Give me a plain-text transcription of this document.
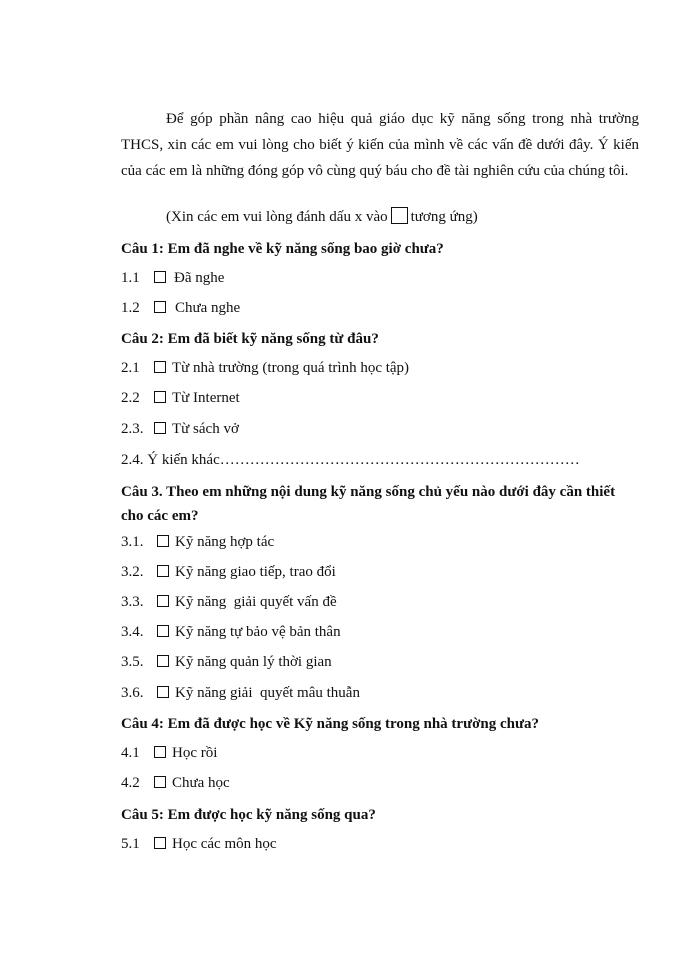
Để góp phần nâng cao hiệu quả giáo dục kỹ năng sống trong nhà trường THCS, xin các em vui lòng cho biết ý kiến của mình về các vấn đề dưới đây. Ý kiến của các em là những đóng góp vô cùng quý báu cho đề tài nghiên cứu của chúng tôi.

(Xin các em vui lòng đánh dấu x vào tương ứng)
Câu 1: Em đã nghe về kỹ năng sống bao giờ chưa?
1.1 Đã nghe
1.2 Chưa nghe
Câu 2: Em đã biết kỹ năng sống từ đâu?
2.1 Từ nhà trường (trong quá trình học tập)
2.2 Từ Internet
2.3. Từ sách vở
2.4. Ý kiến khác………………………………………………………………
Câu 3. Theo em những nội dung kỹ năng sống chủ yếu nào dưới đây cần thiết cho các em?
3.1. Kỹ năng hợp tác
3.2. Kỹ năng giao tiếp, trao đổi
3.3. Kỹ năng  giải quyết vấn đề
3.4. Kỹ năng tự bảo vệ bản thân
3.5. Kỹ năng quản lý thời gian
3.6. Kỹ năng giải  quyết mâu thuẫn
Câu 4: Em đã được học về Kỹ năng sống trong nhà trường chưa?
4.1 Học rồi
4.2 Chưa học
Câu 5: Em được học kỹ năng sống qua?
5.1 Học các môn học
